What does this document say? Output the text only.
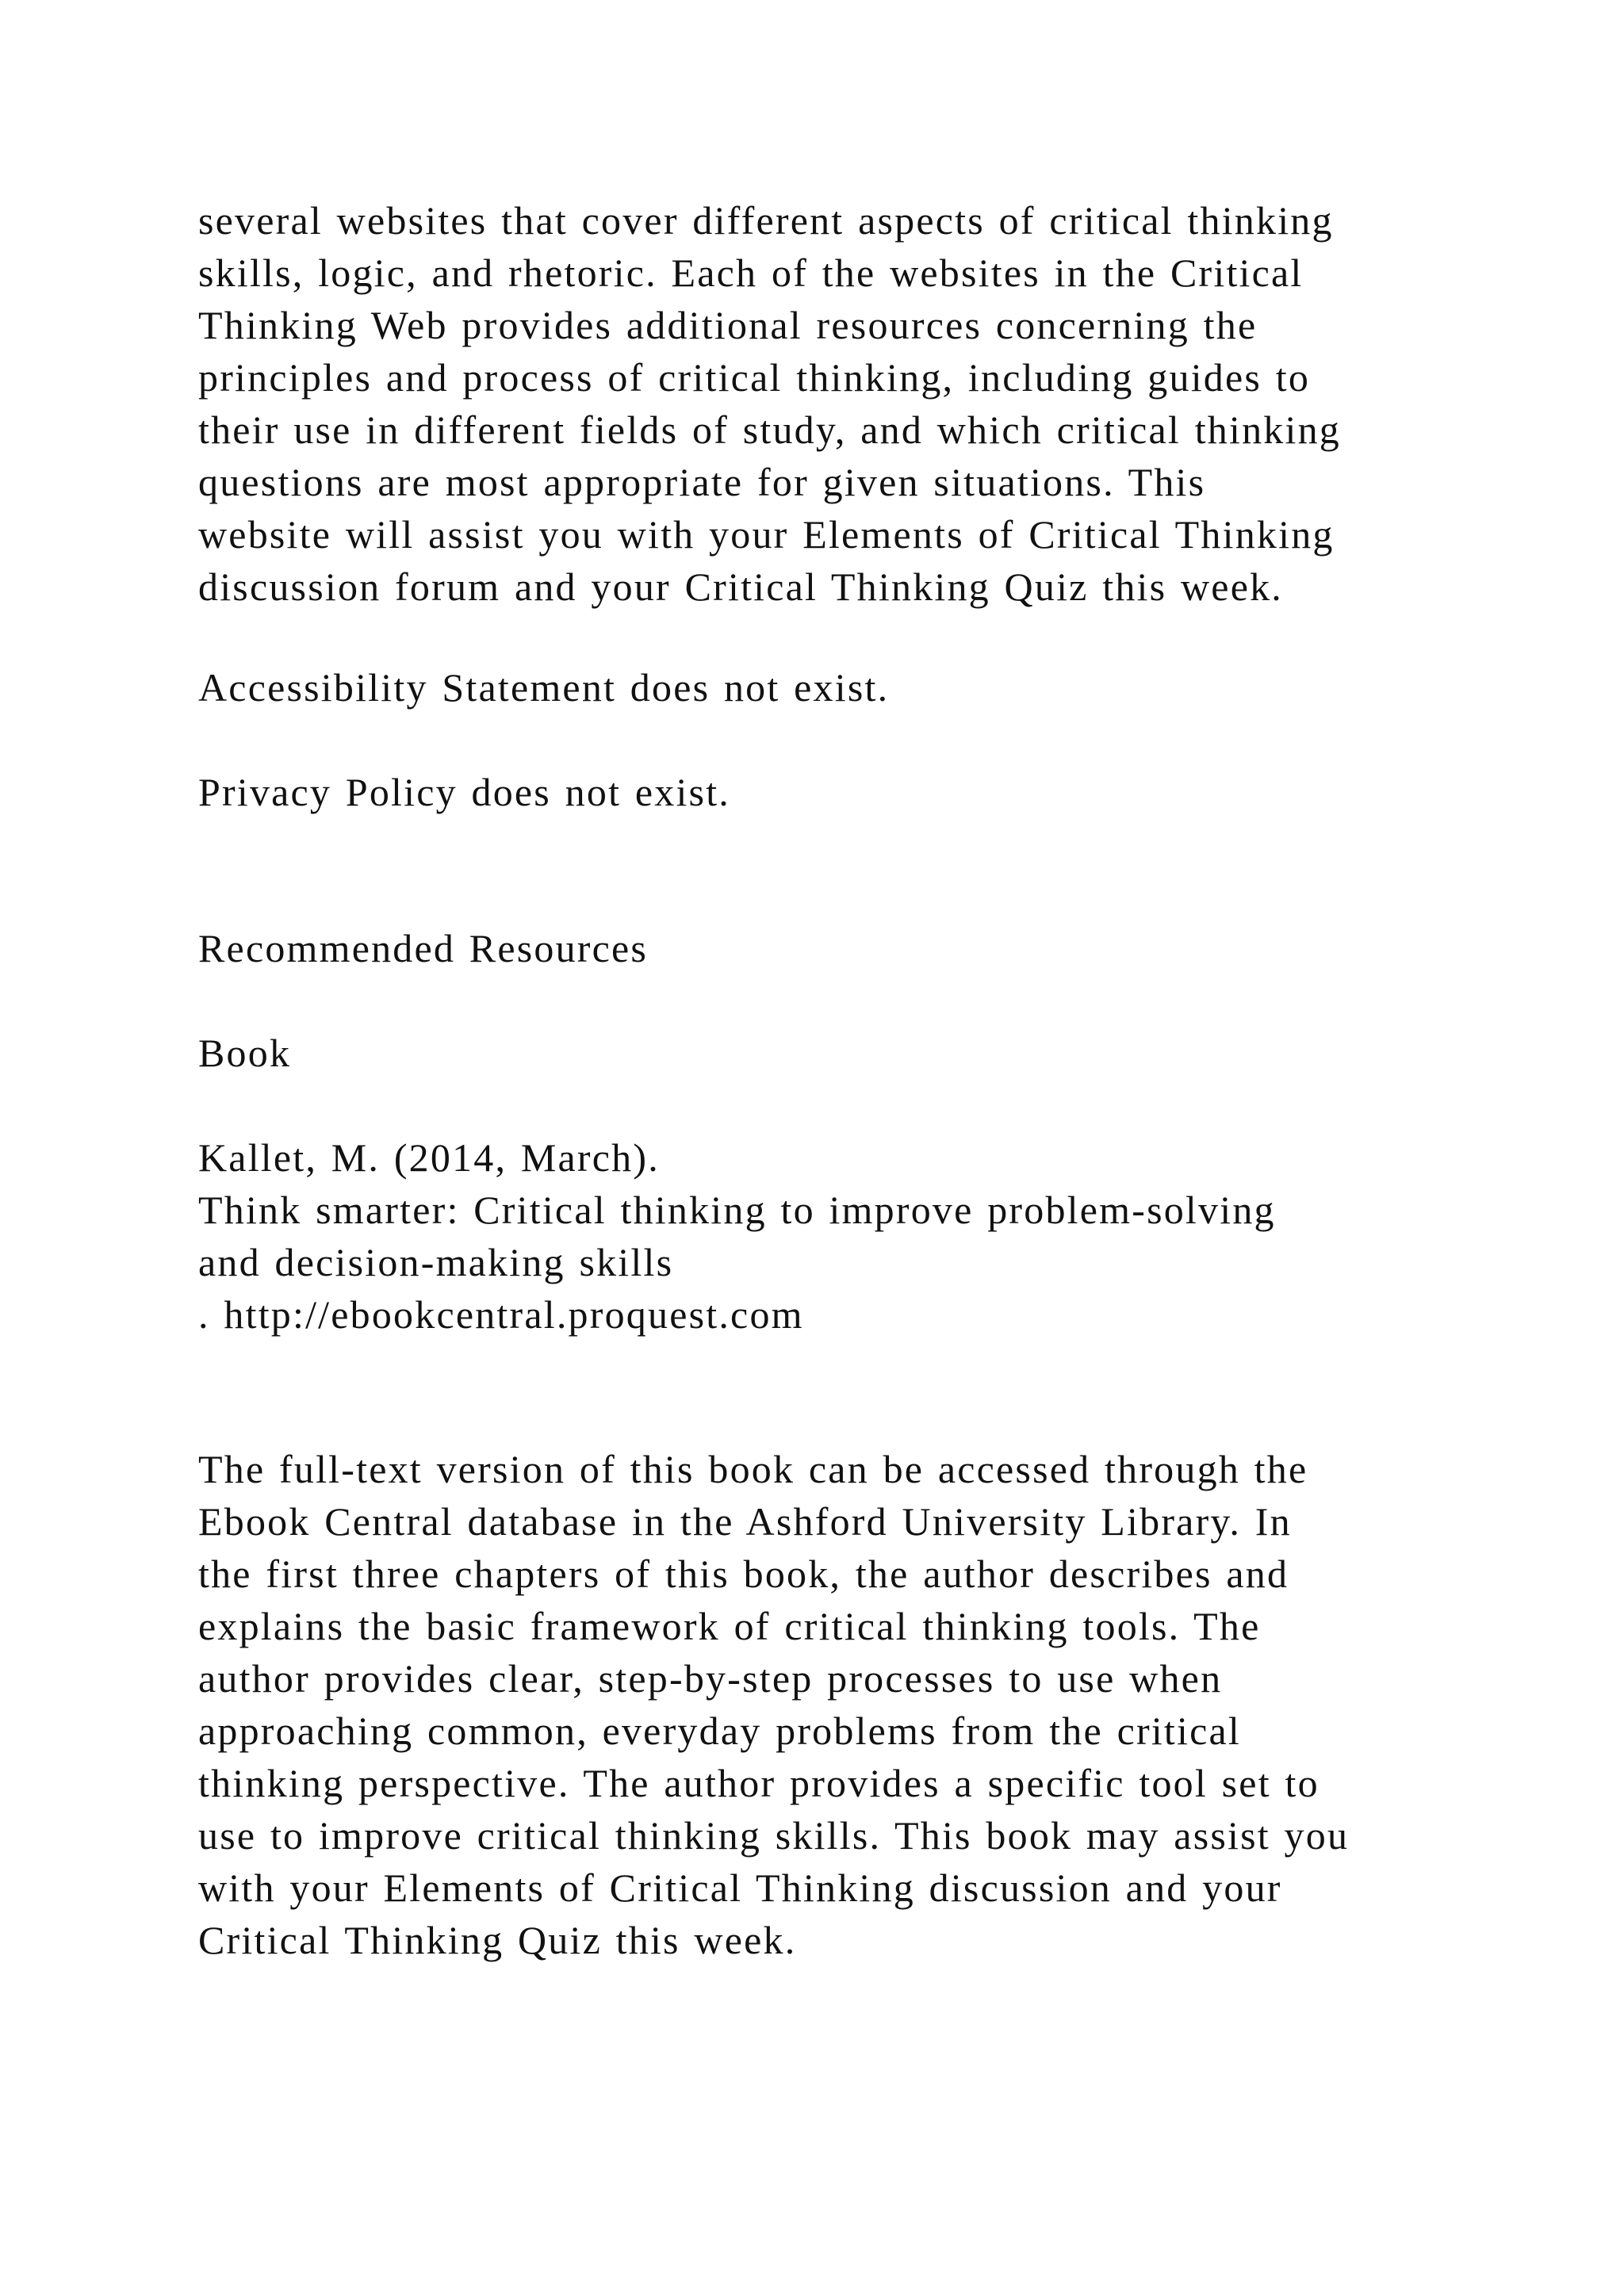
several websites that cover different aspects of critical thinking
skills, logic, and rhetoric. Each of the websites in the Critical
Thinking Web provides additional resources concerning the
principles and process of critical thinking, including guides to
their use in different fields of study, and which critical thinking
questions are most appropriate for given situations. This
website will assist you with your Elements of Critical Thinking
discussion forum and your Critical Thinking Quiz this week.
Accessibility Statement does not exist.
Privacy Policy does not exist.
Recommended Resources
Book
Kallet, M. (2014, March).
Think smarter: Critical thinking to improve problem-solving
and decision-making skills
. http://ebookcentral.proquest.com
The full-text version of this book can be accessed through the
Ebook Central database in the Ashford University Library. In
the first three chapters of this book, the author describes and
explains the basic framework of critical thinking tools. The
author provides clear, step-by-step processes to use when
approaching common, everyday problems from the critical
thinking perspective. The author provides a specific tool set to
use to improve critical thinking skills. This book may assist you
with your Elements of Critical Thinking discussion and your
Critical Thinking Quiz this week.
